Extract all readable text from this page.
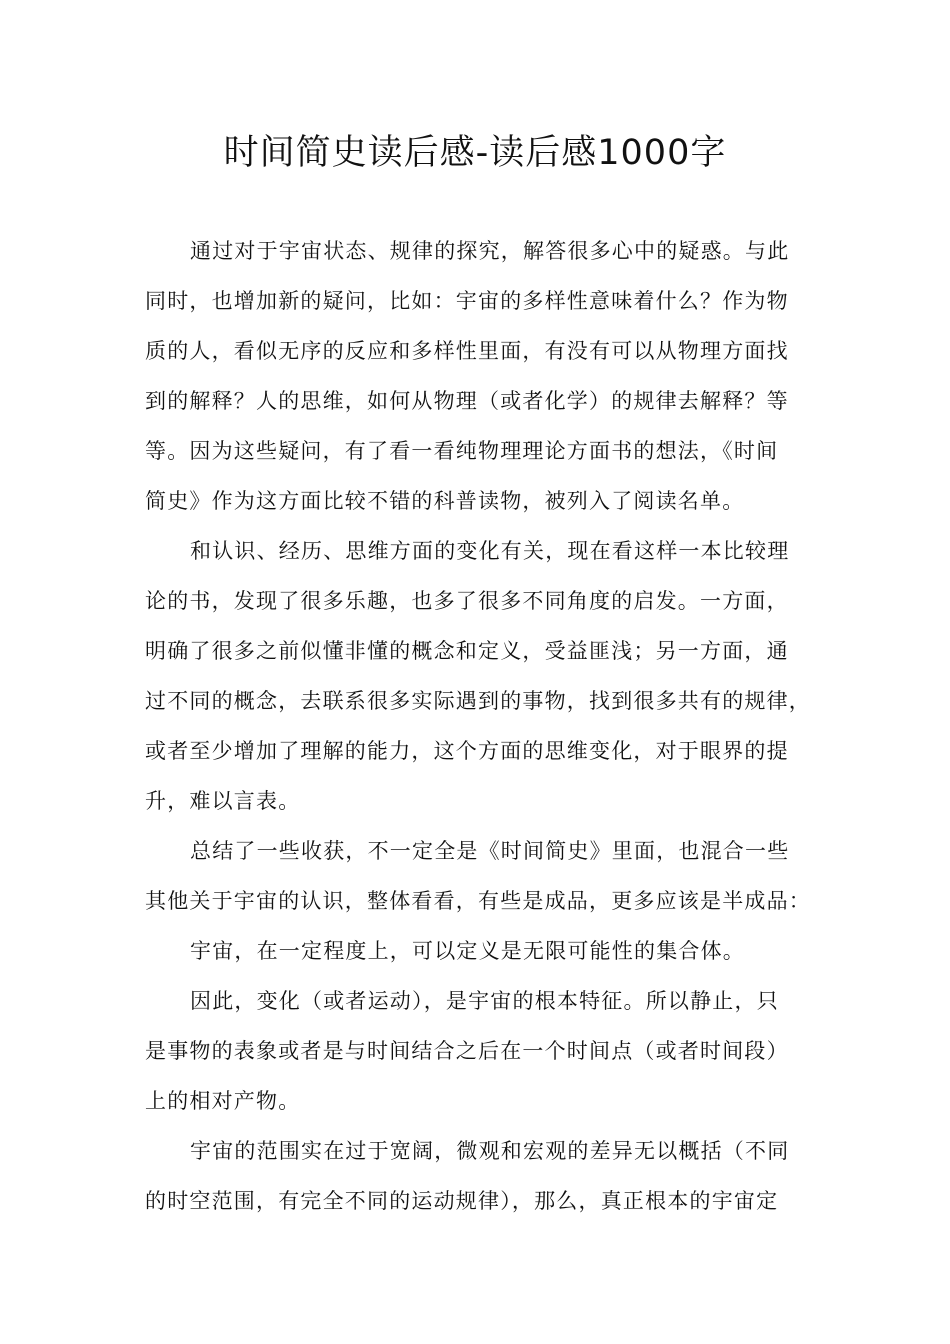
时间简史读后感-读后感1000字
通过对于宇宙状态、规律的探究，解答很多心中的疑惑。与此
同时，也增加新的疑问，比如：宇宙的多样性意味着什么？作为物
质的人，看似无序的反应和多样性里面，有没有可以从物理方面找
到的解释？人的思维，如何从物理（或者化学）的规律去解释？等
等。因为这些疑问，有了看一看纯物理理论方面书的想法，《时间
简史》作为这方面比较不错的科普读物，被列入了阅读名单。
和认识、经历、思维方面的变化有关，现在看这样一本比较理
论的书，发现了很多乐趣，也多了很多不同角度的启发。一方面，
明确了很多之前似懂非懂的概念和定义，受益匪浅；另一方面，通
过不同的概念，去联系很多实际遇到的事物，找到很多共有的规律，
或者至少增加了理解的能力，这个方面的思维变化，对于眼界的提
升，难以言表。
总结了一些收获，不一定全是《时间简史》里面，也混合一些
其他关于宇宙的认识，整体看看，有些是成品，更多应该是半成品：
宇宙，在一定程度上，可以定义是无限可能性的集合体。
因此，变化（或者运动），是宇宙的根本特征。所以静止，只
是事物的表象或者是与时间结合之后在一个时间点（或者时间段）
上的相对产物。
宇宙的范围实在过于宽阔，微观和宏观的差异无以概括（不同
的时空范围，有完全不同的运动规律），那么，真正根本的宇宙定
